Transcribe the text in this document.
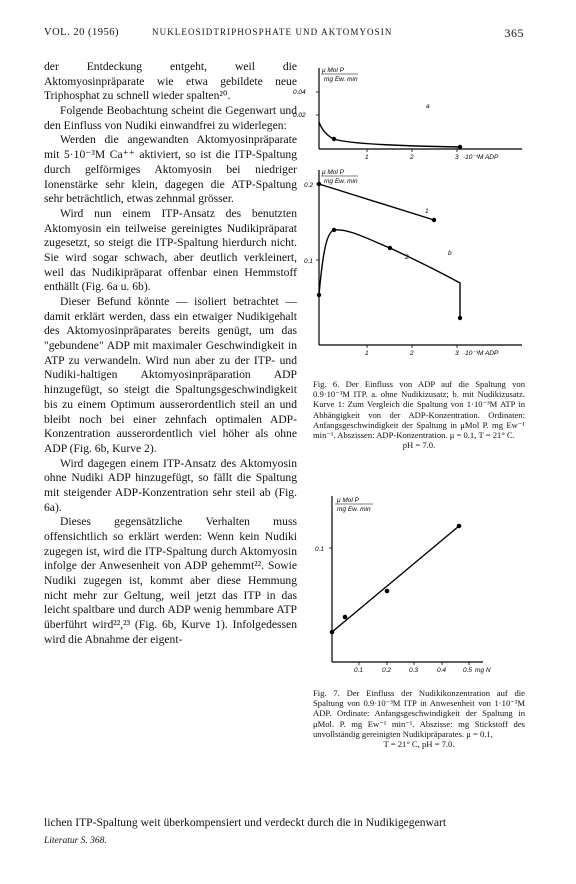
VOL. 20 (1956)	NUKLEOSIDTRIPHOSPHATE UND AKTOMYOSIN	365

der Entdeckung entgeht, weil die Aktomyosinpräparate wie etwa gebildete neue Triphosphat zu schnell wieder spalten²⁰.

Folgende Beobachtung scheint die Gegenwart und den Einfluss von Nudiki einwandfrei zu widerlegen:

Werden die angewandten Aktomyosinpräparate mit 5·10⁻³M Ca⁺⁺ aktiviert, so ist die ITP-Spaltung durch gelförmiges Aktomyosin bei niedriger Ionenstärke sehr klein, dagegen die ATP-Spaltung sehr beträchtlich, etwas zehnmal grösser.

Wird nun einem ITP-Ansatz des benutzten Aktomyosin ein teilweise gereinigtes Nudikipräparat zugesetzt, so steigt die ITP-Spaltung hierdurch nicht. Sie wird sogar schwach, aber deutlich verkleinert, weil das Nudikipräparat offenbar einen Hemmstoff enthällt (Fig. 6a u. 6b).

Dieser Befund könnte — isoliert betrachtet — damit erklärt werden, dass ein etwaiger Nudikigehalt des Aktomyosinpräparates bereits genügt, um das "gebundene" ADP mit maximaler Geschwindigkeit in ATP zu verwandeln. Wird nun aber zu der ITP- und Nudiki-haltigen Aktomyosinpräparation ADP hinzugefügt, so steigt die Spaltungsgeschwindigkeit bis zu einem Optimum ausserordentlich steil an und bleibt noch bei einer zehnfach optimalen ADP-Konzentration ausserordentlich viel höher als ohne ADP (Fig. 6b, Kurve 2).

Wird dagegen einem ITP-Ansatz des Aktomyosin ohne Nudiki ADP hinzugefügt, so fällt die Spaltung mit steigender ADP-Konzentration sehr steil ab (Fig. 6a).

Dieses gegensätzliche Verhalten muss offensichtlich so erklärt werden: Wenn kein Nudiki zugegen ist, wird die ITP-Spaltung durch Aktomyosin infolge der Anwesenheit von ADP gehemmt²². Sowie Nudiki zugegen ist, kommt aber diese Hemmung nicht mehr zur Geltung, weil jetzt das ITP in das leicht spaltbare und durch ADP wenig hemmbare ATP überführt wird²²,²³ (Fig. 6b, Kurve 1). Infolgedessen wird die Abnahme der eigent-

lichen ITP-Spaltung weit überkompensiert und verdeckt durch die in Nudikigegenwart
Literatur S. 368.
μ Mol P
mg Ew. min
0.04
0.02
1	2	3 ·10⁻³M ADP
a
μ Mol P
mg Ew. min
0.2
0.1
1	2	3 ·10⁻³M ADP
b
1
2
Fig. 6. Der Einfluss von ADP auf die Spaltung von 0.9·10⁻³M ITP. a. ohne Nudikizusatz; b. mit Nudikizusatz. Kurve 1: Zum Vergleich die Spaltung von 1·10⁻³M ATP in Abhängigkeit von der ADP-Konzentration. Ordinaten: Anfangsgeschwindigkeit der Spaltung in μMol P. mg Ew⁻¹ min⁻¹. Abszissen: ADP-Konzentration. μ = 0.1, T = 21° C.
pH = 7.0.
μ Mol P
mg Ew. min
0.1
0.1	0.2	0.3	0.4	0.5 mg N
Fig. 7. Der Einfluss der Nudikikonzentration auf die Spaltung von 0.9·10⁻³M ITP in Anwesenheit von 1·10⁻³M ADP. Ordinate: Anfangsgeschwindigkeit der Spaltung in μMol. P. mg Ew⁻¹ min⁻¹. Abszisse: mg Stickstoff des unvollständig gereinigten Nudikipräparates. μ = 0.1,
T = 21° C, pH = 7.0.
